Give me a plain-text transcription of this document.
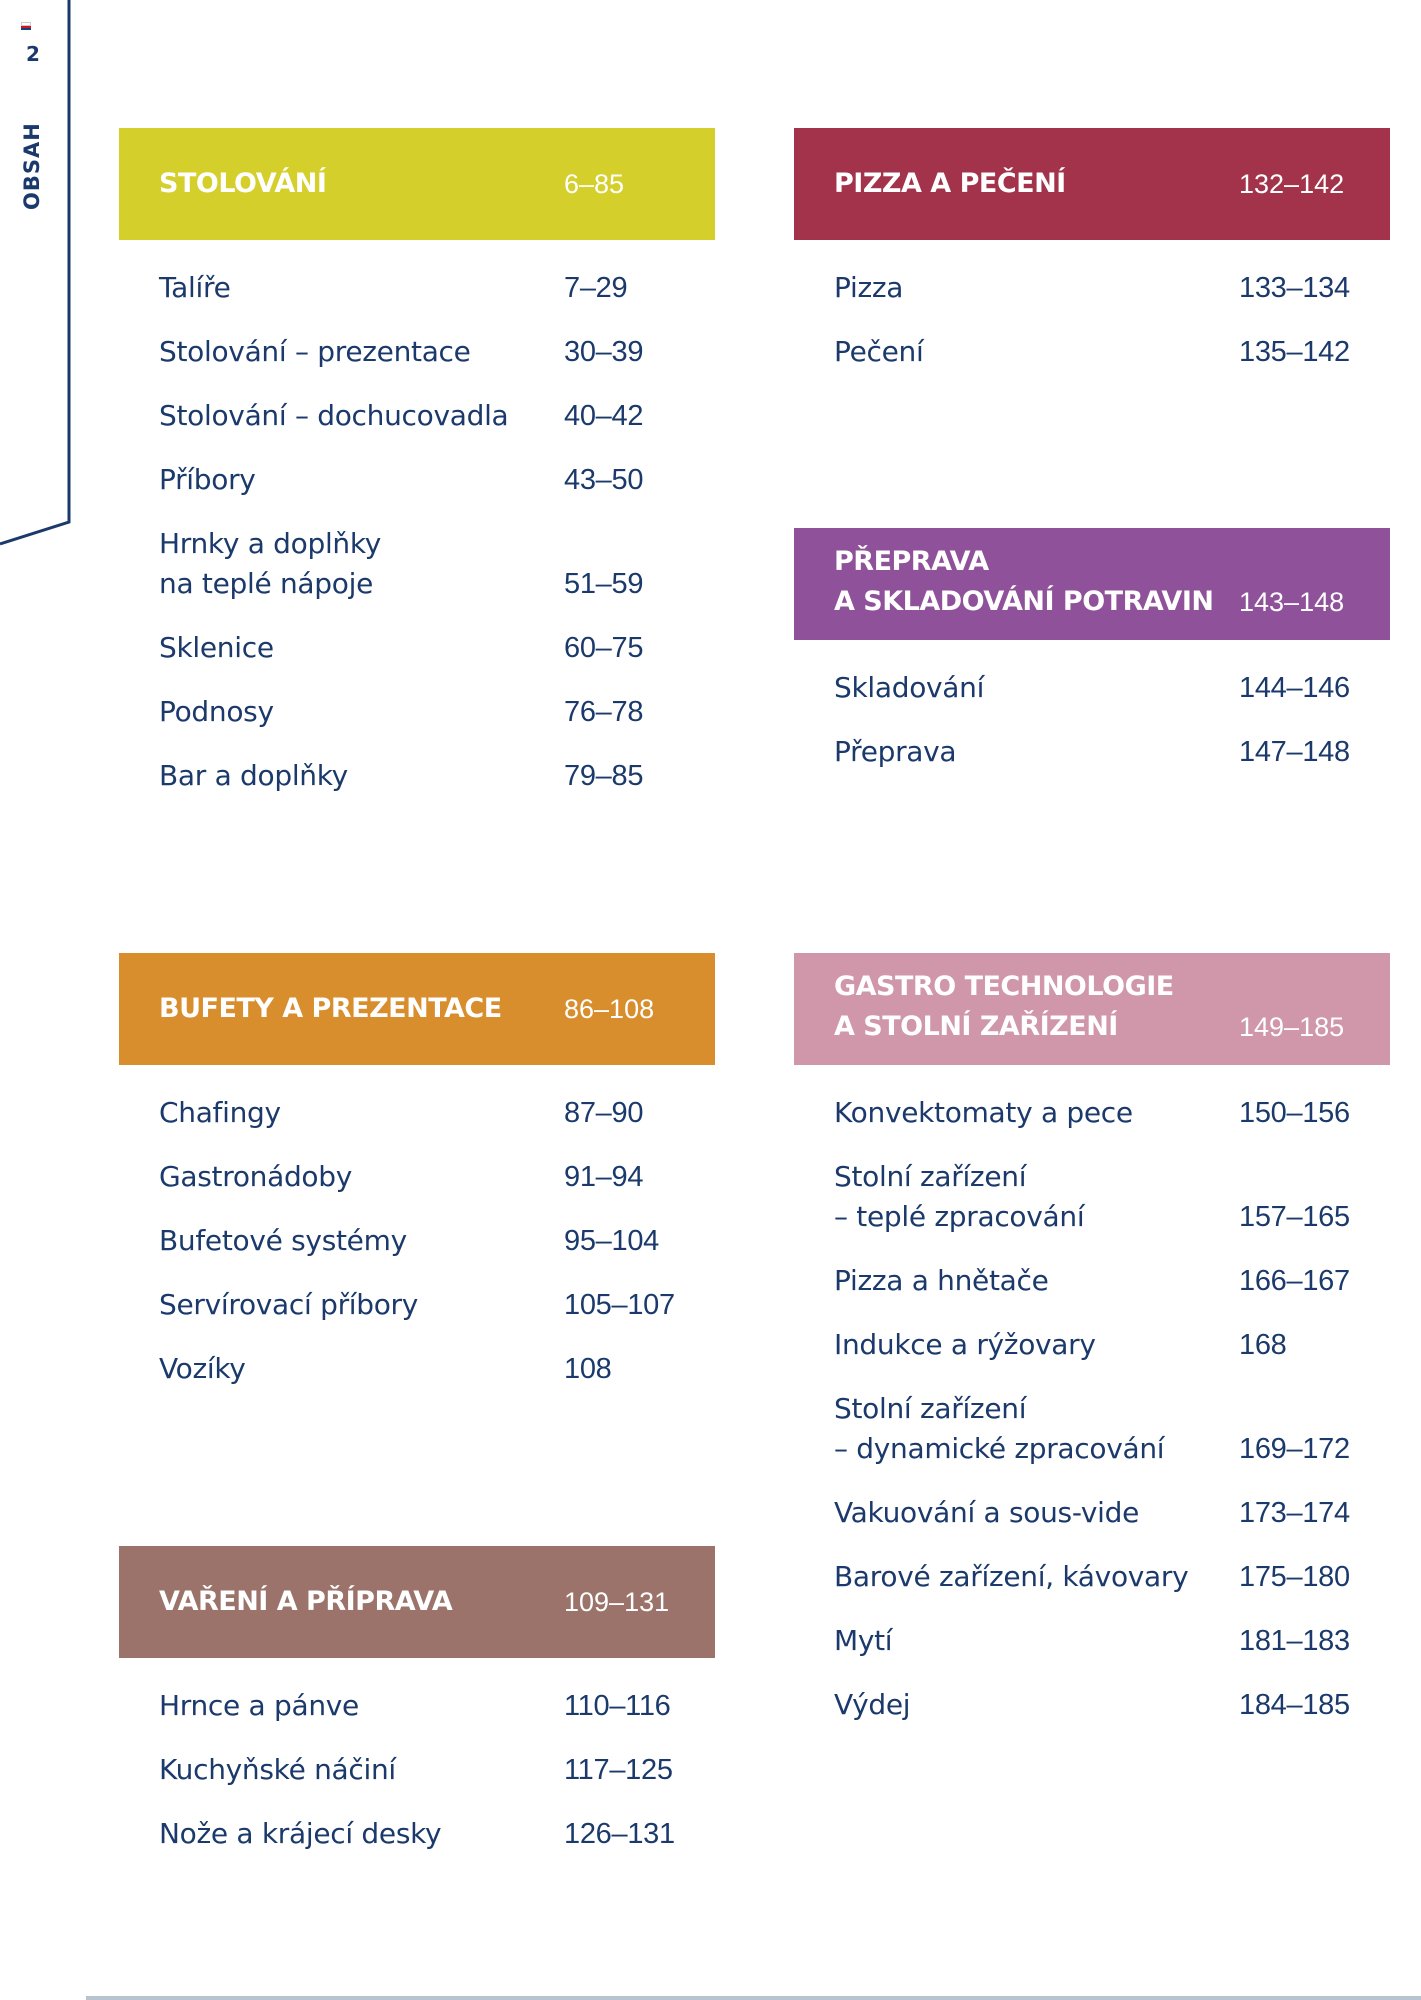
2
OBSAH	STOLOVÁNÍ	6–85
Talíře	7–29
Stolování – prezentace	30–39
Stolování – dochucovadla	40–42
Příbory	43–50
Hrnky a doplňky
na teplé nápoje	51–59
Sklenice	60–75
Podnosy	76–78
Bar a doplňky	79–85
PIZZA A PEČENÍ	132–142
Pizza	133–134
Pečení	135–142
PŘEPRAVA
A SKLADOVÁNÍ POTRAVIN 143–148
Skladování	144–146
Přeprava	147–148
BUFETY A PREZENTACE 86–108
Chafingy	87–90
Gastronádoby	91–94
Bufetové systémy	95–104
Servírovací příbory	105–107
Vozíky	108
GASTRO TECHNOLOGIE
A STOLNÍ ZAŘÍZENÍ	149–185
Konvektomaty a pece	150–156
Stolní zařízení
– teplé zpracování	157–165
Pizza a hnětače	166–167
Indukce a rýžovary	168
Stolní zařízení
– dynamické zpracování	169–172
Vakuování a sous-vide	173–174
Barové zařízení, kávovary	175–180
Mytí	181–183
Výdej	184–185
VAŘENÍ A PŘÍPRAVA	109–131
Hrnce a pánve	110–116
Kuchyňské náčiní	117–125
Nože a krájecí desky	126–131
